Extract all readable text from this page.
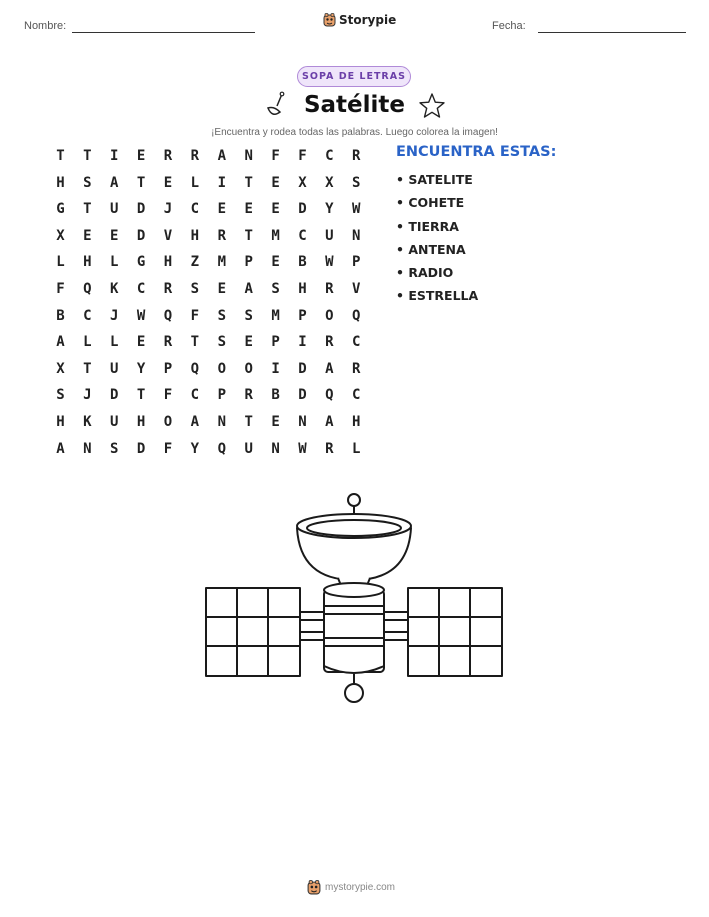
Nombre:	Storypie	Fecha:
SOPA DE LETRAS
Satélite
¡Encuentra y rodea todas las palabras. Luego colorea la imagen!
T	T	I	E	R	R	A	N	F	F	C	R
H	S	A	T	E	L	I	T	E	X	X	S
G	T	U	D	J	C	E	E	E	D	Y	W
X	E	E	D	V	H	R	T	M	C	U	N
L	H	L	G	H	Z	M	P	E	B	W	P
F	Q	K	C	R	S	E	A	S	H	R	V
B	C	J	W	Q	F	S	S	M	P	O	Q
A	L	L	E	R	T	S	E	P	I	R	C
X	T	U	Y	P	Q	O	O	I	D	A	R
S	J	D	T	F	C	P	R	B	D	Q	C
H	K	U	H	O	A	N	T	E	N	A	H
A	N	S	D	F	Y	Q	U	N	W	R	L
ENCUENTRA ESTAS:
• SATELITE
• COHETE
• TIERRA
• ANTENA
• RADIO
• ESTRELLA
mystorypie.com
